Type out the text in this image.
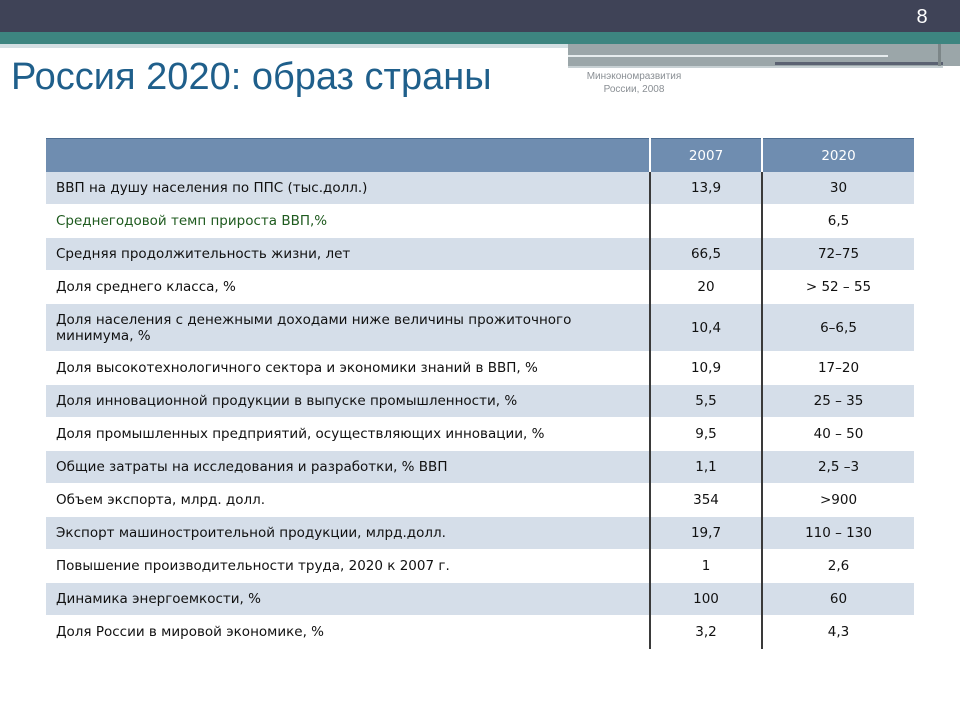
8
Россия 2020: образ страны	Минэкономразвития
России, 2008
	2007	2020
ВВП на душу населения по ППС (тыс.долл.)	13,9	30
Среднегодовой темп прироста ВВП,%		6,5
Средняя продолжительность жизни, лет	66,5	72–75
Доля среднего класса, %	20	> 52 – 55
Доля населения с денежными доходами ниже величины прожиточного минимума, %	10,4	6–6,5
Доля высокотехнологичного сектора и экономики знаний в ВВП, %	10,9	17–20
Доля инновационной продукции в выпуске промышленности, %	5,5	25 – 35
Доля промышленных предприятий, осуществляющих инновации, %	9,5	40 – 50
Общие затраты на исследования и разработки, % ВВП	1,1	2,5 –3
Объем экспорта, млрд. долл.	354	>900
Экспорт машиностроительной продукции, млрд.долл.	19,7	110 – 130
Повышение производительности труда, 2020 к 2007 г.	1	2,6
Динамика энергоемкости, %	100	60
Доля России в мировой экономике, %	3,2	4,3
